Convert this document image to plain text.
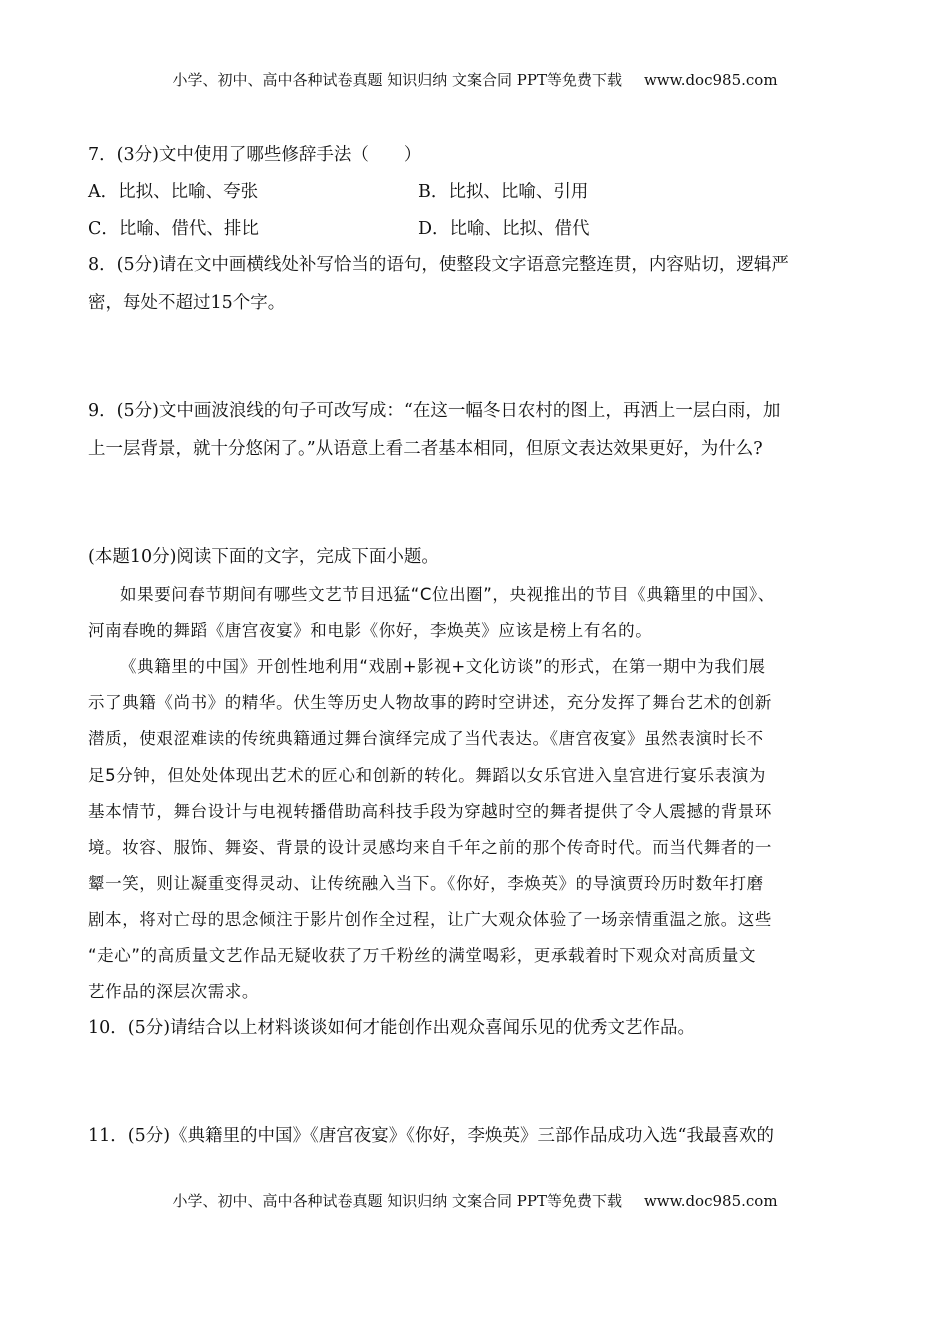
小学、初中、高中各种试卷真题 知识归纳 文案合同 PPT等免费下载 www.doc985.com
7．(3分)文中使用了哪些修辞手法（　　）
A．比拟、比喻、夸张	B．比拟、比喻、引用
C．比喻、借代、排比	D．比喻、比拟、借代
8．(5分)请在文中画横线处补写恰当的语句，使整段文字语意完整连贯，内容贴切，逻辑严
密，每处不超过15个字。
9．(5分)文中画波浪线的句子可改写成：“在这一幅冬日农村的图上，再洒上一层白雨，加
上一层背景，就十分悠闲了。”从语意上看二者基本相同，但原文表达效果更好，为什么?
(本题10分)阅读下面的文字，完成下面小题。
如果要问春节期间有哪些文艺节目迅猛“C位出圈”，央视推出的节目《典籍里的中国》、
河南春晚的舞蹈《唐宫夜宴》和电影《你好，李焕英》应该是榜上有名的。
《典籍里的中国》开创性地利用“戏剧+影视+文化访谈”的形式，在第一期中为我们展
示了典籍《尚书》的精华。伏生等历史人物故事的跨时空讲述，充分发挥了舞台艺术的创新
潜质，使艰涩难读的传统典籍通过舞台演绎完成了当代表达。《唐宫夜宴》虽然表演时长不
足5分钟，但处处体现出艺术的匠心和创新的转化。舞蹈以女乐官进入皇宫进行宴乐表演为
基本情节，舞台设计与电视转播借助高科技手段为穿越时空的舞者提供了令人震撼的背景环
境。妆容、服饰、舞姿、背景的设计灵感均来自千年之前的那个传奇时代。而当代舞者的一
颦一笑，则让凝重变得灵动、让传统融入当下。《你好，李焕英》的导演贾玲历时数年打磨
剧本，将对亡母的思念倾注于影片创作全过程，让广大观众体验了一场亲情重温之旅。这些
“走心”的高质量文艺作品无疑收获了万千粉丝的满堂喝彩，更承载着时下观众对高质量文
艺作品的深层次需求。
10．(5分)请结合以上材料谈谈如何才能创作出观众喜闻乐见的优秀文艺作品。
11．(5分)《典籍里的中国》《唐宫夜宴》《你好，李焕英》三部作品成功入选“我最喜欢的
小学、初中、高中各种试卷真题 知识归纳 文案合同 PPT等免费下载 www.doc985.com
